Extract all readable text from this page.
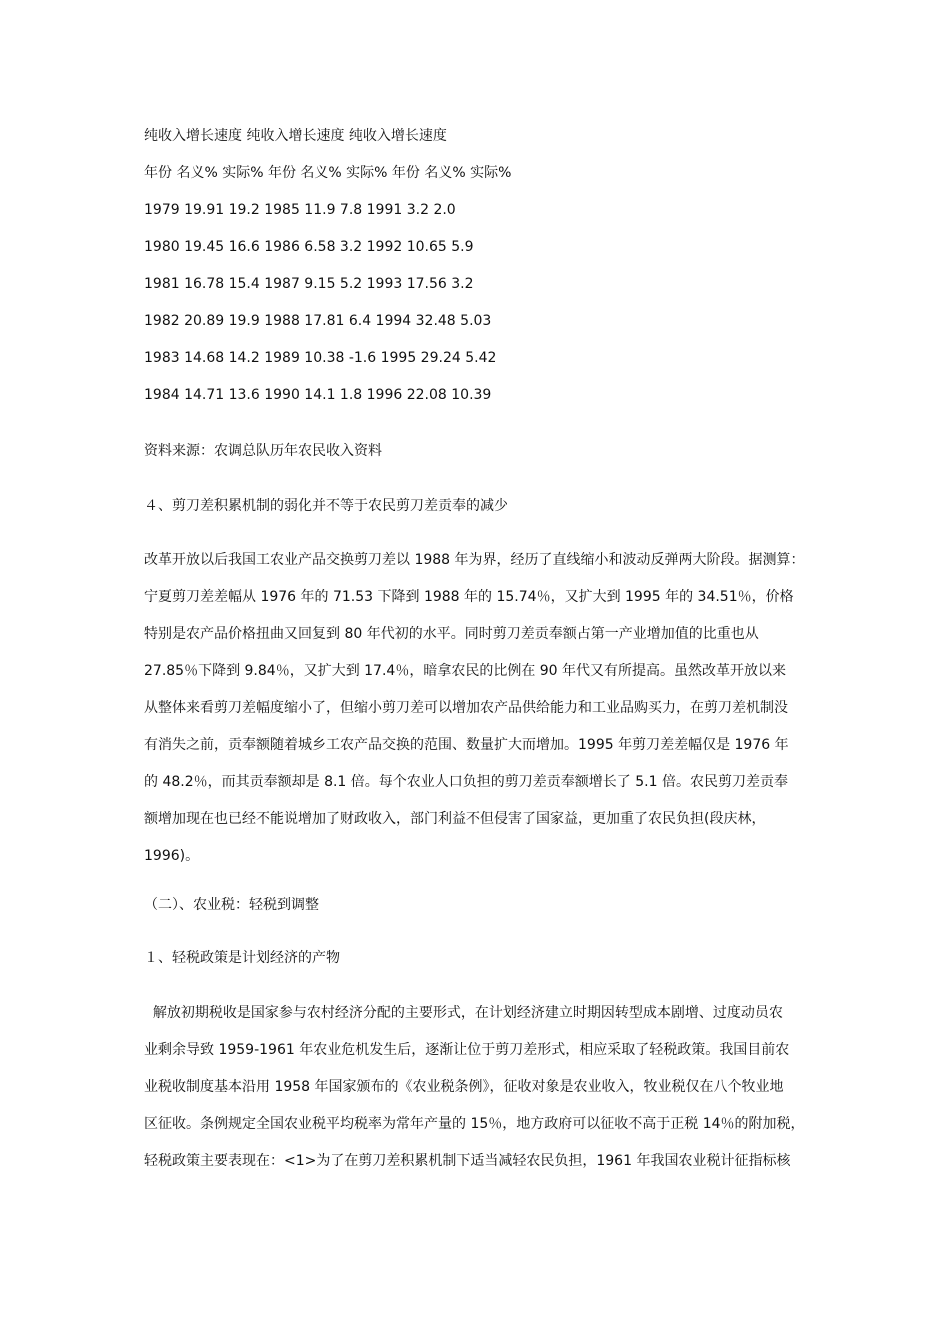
纯收入增长速度 纯收入增长速度 纯收入增长速度
年份 名义% 实际% 年份 名义% 实际% 年份 名义% 实际%
1979 19.91 19.2 1985 11.9 7.8 1991 3.2 2.0
1980 19.45 16.6 1986 6.58 3.2 1992 10.65 5.9
1981 16.78 15.4 1987 9.15 5.2 1993 17.56 3.2
1982 20.89 19.9 1988 17.81 6.4 1994 32.48 5.03
1983 14.68 14.2 1989 10.38 -1.6 1995 29.24 5.42
1984 14.71 13.6 1990 14.1 1.8 1996 22.08 10.39
资料来源：农调总队历年农民收入资料
４、剪刀差积累机制的弱化并不等于农民剪刀差贡奉的减少
改革开放以后我国工农业产品交换剪刀差以 1988 年为界，经历了直线缩小和波动反弹两大阶段。据测算：
宁夏剪刀差差幅从 1976 年的 71.53 下降到 1988 年的 15.74％，又扩大到 1995 年的 34.51％，价格
特别是农产品价格扭曲又回复到 80 年代初的水平。同时剪刀差贡奉额占第一产业增加值的比重也从
27.85％下降到 9.84％，又扩大到 17.4％，暗拿农民的比例在 90 年代又有所提高。虽然改革开放以来
从整体来看剪刀差幅度缩小了，但缩小剪刀差可以增加农产品供给能力和工业品购买力，在剪刀差机制没
有消失之前，贡奉额随着城乡工农产品交换的范围、数量扩大而增加。1995 年剪刀差差幅仅是 1976 年
的 48.2％，而其贡奉额却是 8.1 倍。每个农业人口负担的剪刀差贡奉额增长了 5.1 倍。农民剪刀差贡奉
额增加现在也已经不能说增加了财政收入，部门利益不但侵害了国家益，更加重了农民负担(段庆林，
1996)。
（二）、农业税：轻税到调整
１、轻税政策是计划经济的产物
解放初期税收是国家参与农村经济分配的主要形式，在计划经济建立时期因转型成本剧增、过度动员农
业剩余导致 1959-1961 年农业危机发生后，逐渐让位于剪刀差形式，相应采取了轻税政策。我国目前农
业税收制度基本沿用 1958 年国家颁布的《农业税条例》，征收对象是农业收入，牧业税仅在八个牧业地
区征收。条例规定全国农业税平均税率为常年产量的 15％，地方政府可以征收不高于正税 14％的附加税，
轻税政策主要表现在：<1>为了在剪刀差积累机制下适当减轻农民负担，1961 年我国农业税计征指标核
